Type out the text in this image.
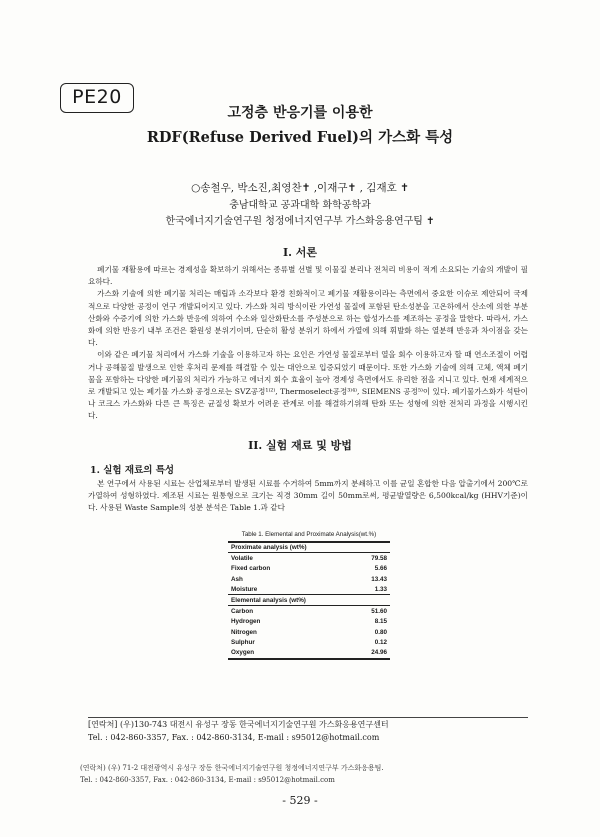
PE20
고정층 반응기를 이용한
RDF(Refuse Derived Fuel)의 가스화 특성
○송철우, 박소진,최영찬✝ ,이재구✝ , 김재호 ✝
충남대학교 공과대학 화학공학과
한국에너지기술연구원 청정에너지연구부 가스화응용연구팀 ✝
I. 서론

폐기물 재활용에 따르는 경제성을 확보하기 위해서는 종류별 선별 및 이물질 분리나 전처리 비용이 적게 소요되는 기술의 개발이 필요하다.

가스화 기술에 의한 폐기물 처리는 매립과 소각보다 환경 친화적이고 폐기물 재활용이라는 측면에서 중요한 이슈로 제안되어 국제적으로 다양한 공정이 연구 개발되어지고 있다. 가스화 처리 방식이란 가연성 물질에 포함된 탄소성분을 고온하에서 산소에 의한 부분산화와 수증기에 의한 가스화 반응에 의하여 수소와 일산화탄소를 주성분으로 하는 합성가스를 제조하는 공정을 말한다. 따라서, 가스화에 의한 반응기 내부 조건은 환원성 분위기이며, 단순히 활성 분위기 하에서 가열에 의해 휘발화 하는 열분해 반응과 차이점을 갖는다.

이와 같은 폐기물 처리에서 가스화 기술을 이용하고자 하는 요인은 가연성 물질로부터 열을 회수 이용하고자 할 때 연소조절이 어렵거나 공해물질 발생으로 인한 후처리 문제를 해결할 수 있는 대안으로 입증되었기 때문이다. 또한 가스화 기술에 의해 고체, 액체 폐기물을 포함하는 다양한 폐기물의 처리가 가능하고 에너지 회수 효율이 높아 경제성 측면에서도 유리한 점을 지니고 있다. 현재 세계적으로 개발되고 있는 폐기물 가스화 공정으로는 SVZ공정¹⁾²⁾, Thermoselect공정³⁾⁴⁾, SIEMENS 공정⁵⁾이 있다. 폐기물가스화가 석탄이나 코크스 가스화와 다른 큰 특징은 균질성 확보가 어려운 관계로 이를 해결하기위해 탄화 또는 성형에 의한 전처리 과정을 시행시킨다.

II. 실험 재료 및 방법
1. 실험 재료의 특성

본 연구에서 사용된 시료는 산업체로부터 발생된 시료를 수거하여 5mm까지 분쇄하고 이를 균일 혼합한 다음 압출기에서 200℃로 가열하여 성형하였다. 제조된 시료는 원통형으로 크기는 직경 30mm 길이 50mm로써, 평균발열량은 6,500kcal/kg (HHV기준)이다. 사용된 Waste Sample의 성분 분석은 Table 1.과 같다

Table 1. Elemental and Proximate Analysis(wt.%)
Proximate analysis (wt%)	
Volatile	79.58
Fixed carbon	5.66
Ash	13.43
Moisture	1.33
Elemental analysis (wt%)	
Carbon	51.60
Hydrogen	8.15
Nitrogen	0.80
Sulphur	0.12
Oxygen	24.96
[연락처] (우)130-743 대전시 유성구 장동 한국에너지기술연구원 가스화응용연구센터
Tel. : 042-860-3357, Fax. : 042-860-3134, E-mail : s95012@hotmail.com
(연락처) (우) 71-2 대전광역시 유성구 장동 한국에너지기술연구원 청정에너지연구부 가스화응용팀.
Tel. : 042-860-3357, Fax. : 042-860-3134, E-mail : s95012@hotmail.com
- 529 -
